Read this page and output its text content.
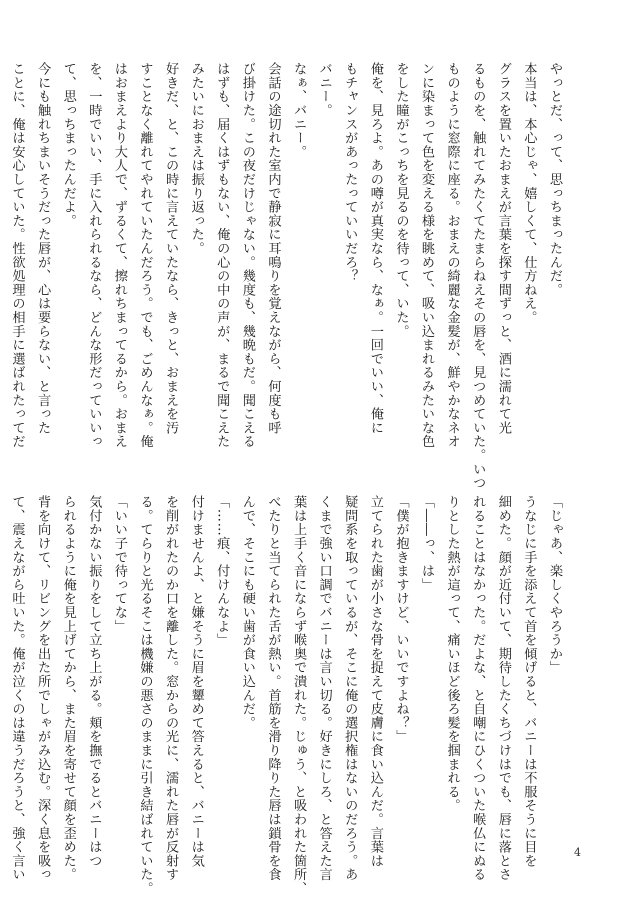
やっとだ、って、思っちまったんだ。
本当は、本心じゃ、嬉しくて、仕方ねえ。
グラスを置いたおまえが言葉を探す間ずっと、酒に濡れて光
るものを、触れてみたくてたまらねえその唇を、見つめていた。いつ
ものように窓際に座る。おまえの綺麗な金髪が、鮮やかなネオ
ンに染まって色を変える様を眺めて、吸い込まれるみたいな色
をした瞳がこっちを見るのを待って、いた。
俺を、見ろよ。あの噂が真実なら、なぁ。一回でいい、俺に
もチャンスがあったっていいだろ？
バニー。
なぁ、バニー。
会話の途切れた室内で静寂に耳鳴りを覚えながら、何度も呼
び掛けた。この夜だけじゃない。幾度も、幾晩もだ。聞こえる
はずも、届くはずもない、俺の心の中の声が、まるで聞こえた
みたいにおまえは振り返った。
好きだ、と、この時に言えていたなら、きっと、おまえを汚
すことなく離れてやれていたんだろう。でも、ごめんなぁ。俺
はおまえより大人で、ずるくて、擦れちまってるから。おまえ
を、一時でいい、手に入れられるなら、どんな形だっていいっ
て、思っちまったんだよ。
今にも触れちまいそうだった唇が、心は要らない、と言った
ことに、俺は安心していた。性欲処理の相手に選ばれたってだ
「じゃあ、楽しくやろうか」
うなじに手を添えて首を傾げると、バニーは不服そうに目を
細めた。顔が近付いて、期待したくちづけはでも、唇に落とさ
れることはなかった。だよな、と自嘲にひくついた喉仏にぬる
りとした熱が這って、痛いほど後ろ髪を掴まれる。
「――っ、は」
「僕が抱きますけど、いいですよね？」
立てられた歯が小さな骨を捉えて皮膚に食い込んだ。言葉は
疑問系を取っているが、そこに俺の選択権はないのだろう。あ
くまで強い口調でバニーは言い切る。好きにしろ、と答えた言
葉は上手く音にならず喉奥で潰れた。じゅう、と吸われた箇所、
べたりと当てられた舌が熱い。首筋を滑り降りた唇は鎖骨を食
んで、そこにも硬い歯が食い込んだ。
「……痕、付けんなよ」
付けませんよ、と嫌そうに眉を顰めて答えると、バニーは気
を削がれたのか口を離した。窓からの光に、濡れた唇が反射す
る。てらりと光るそこは機嫌の悪さのままに引き結ばれていた。
「いい子で待ってな」
気付かない振りをして立ち上がる。頬を撫でるとバニーはつ
られるように俺を見上げてから、また眉を寄せて顔を歪めた。
背を向けて、リビングを出た所でしゃがみ込む。深く息を吸っ
て、震えながら吐いた。俺が泣くのは違うだろうと、強く言い	4
